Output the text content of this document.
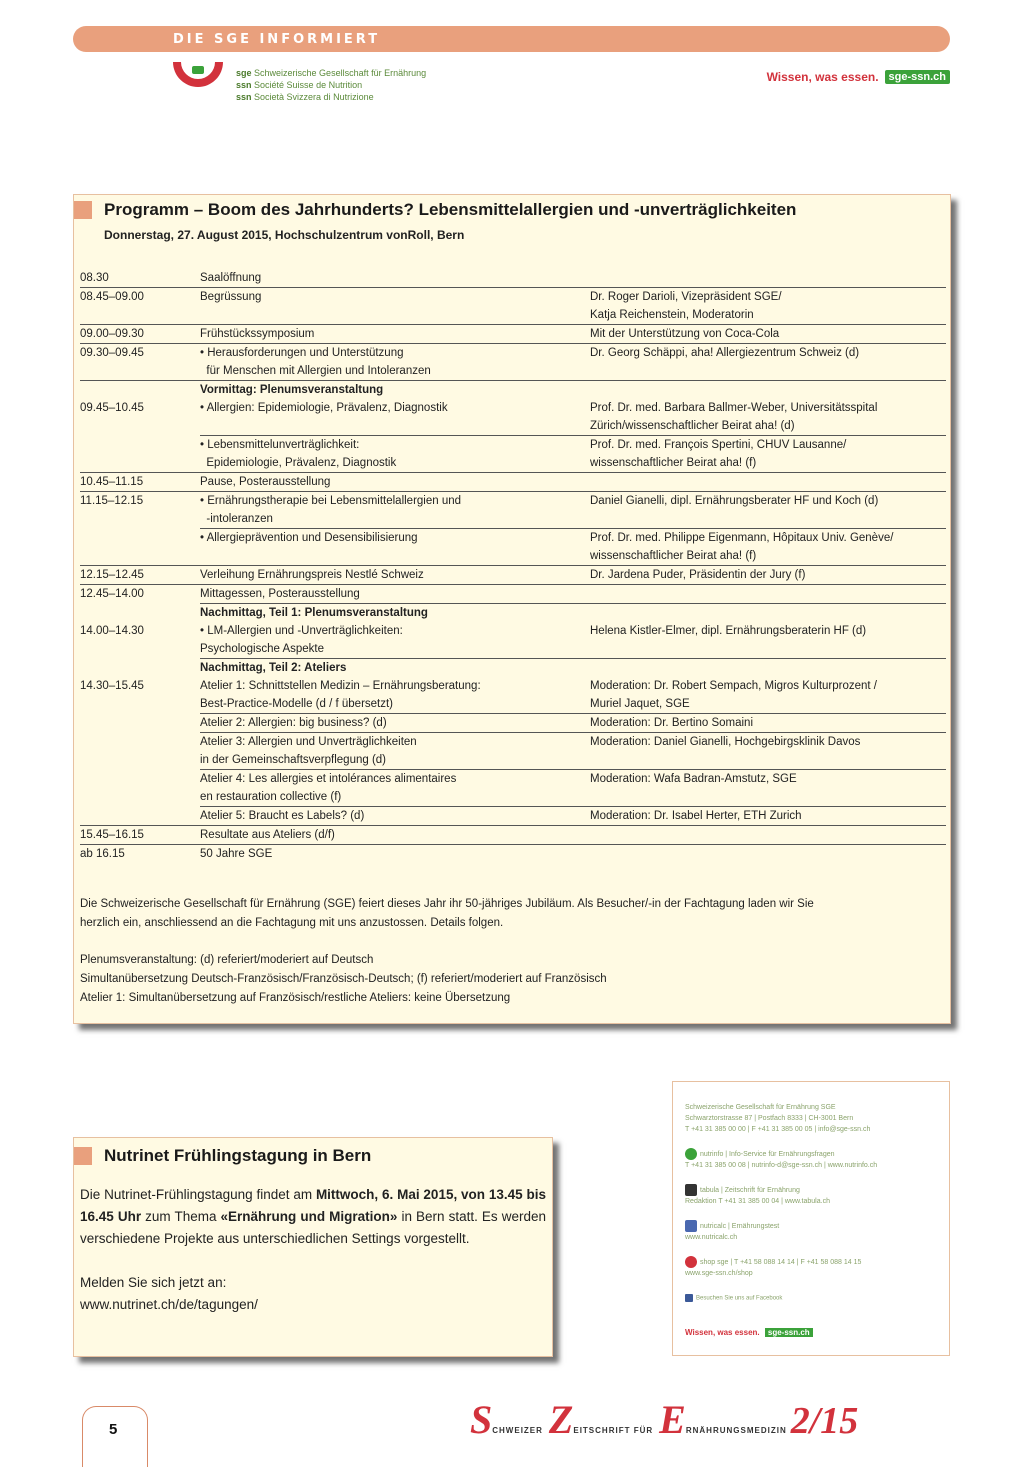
DIE SGE INFORMIERT
sge Schweizerische Gesellschaft für Ernährung
ssn Société Suisse de Nutrition
ssn Società Svizzera di Nutrizione
Wissen, was essen. sge-ssn.ch
Programm – Boom des Jahrhunderts? Lebensmittelallergien und -unverträglichkeiten
Donnerstag, 27. August 2015, Hochschulzentrum vonRoll, Bern
08.30	Saalöffnung	
08.45–09.00	Begrüssung	Dr. Roger Darioli, Vizepräsident SGE/
		Katja Reichenstein, Moderatorin
09.00–09.30	Frühstückssymposium	Mit der Unterstützung von Coca-Cola
09.30–09.45	• Herausforderungen und Unterstützung	Dr. Georg Schäppi, aha! Allergiezentrum Schweiz (d)
	für Menschen mit Allergien und Intoleranzen	
	Vormittag: Plenumsveranstaltung	
09.45–10.45	• Allergien: Epidemiologie, Prävalenz, Diagnostik	Prof. Dr. med. Barbara Ballmer-Weber, Universitätsspital
		Zürich/wissenschaftlicher Beirat aha! (d)
	• Lebensmittelunverträglichkeit:	Prof. Dr. med. François Spertini, CHUV Lausanne/
	Epidemiologie, Prävalenz, Diagnostik	wissenschaftlicher Beirat aha! (f)
10.45–11.15	Pause, Posterausstellung	
11.15–12.15	• Ernährungstherapie bei Lebensmittelallergien und	Daniel Gianelli, dipl. Ernährungsberater HF und Koch (d)
	-intoleranzen	
	• Allergieprävention und Desensibilisierung	Prof. Dr. med. Philippe Eigenmann, Hôpitaux Univ. Genève/
		wissenschaftlicher Beirat aha! (f)
12.15–12.45	Verleihung Ernährungspreis Nestlé Schweiz	Dr. Jardena Puder, Präsidentin der Jury (f)
12.45–14.00	Mittagessen, Posterausstellung	
	Nachmittag, Teil 1: Plenumsveranstaltung	
14.00–14.30	• LM-Allergien und -Unverträglichkeiten:	Helena Kistler-Elmer, dipl. Ernährungsberaterin HF (d)
	Psychologische Aspekte	
	Nachmittag, Teil 2: Ateliers	
14.30–15.45	Atelier 1: Schnittstellen Medizin – Ernährungsberatung:	Moderation: Dr. Robert Sempach, Migros Kulturprozent /
	Best-Practice-Modelle (d / f übersetzt)	Muriel Jaquet, SGE
	Atelier 2: Allergien: big business? (d)	Moderation: Dr. Bertino Somaini
	Atelier 3: Allergien und Unverträglichkeiten	Moderation: Daniel Gianelli, Hochgebirgsklinik Davos
	in der Gemeinschaftsverpflegung (d)	
	Atelier 4: Les allergies et intolérances alimentaires	Moderation: Wafa Badran-Amstutz, SGE
	en restauration collective (f)	
	Atelier 5: Braucht es Labels? (d)	Moderation: Dr. Isabel Herter, ETH Zurich
15.45–16.15	Resultate aus Ateliers (d/f)	
ab 16.15	50 Jahre SGE	
Die Schweizerische Gesellschaft für Ernährung (SGE) feiert dieses Jahr ihr 50-jähriges Jubiläum. Als Besucher/-in der Fachtagung laden wir Sie
herzlich ein, anschliessend an die Fachtagung mit uns anzustossen. Details folgen.
Plenumsveranstaltung: (d) referiert/moderiert auf Deutsch
Simultanübersetzung Deutsch-Französisch/Französisch-Deutsch; (f) referiert/moderiert auf Französisch
Atelier 1: Simultanübersetzung auf Französisch/restliche Ateliers: keine Übersetzung
Nutrinet Frühlingstagung in Bern
Die Nutrinet-Frühlingstagung findet am Mittwoch, 6. Mai 2015, von 13.45 bis 16.45 Uhr zum Thema «Ernährung und Migration» in Bern statt. Es werden verschiedene Projekte aus unterschiedlichen Settings vorgestellt.
Melden Sie sich jetzt an:
www.nutrinet.ch/de/tagungen/
Schweizerische Gesellschaft für Ernährung SGE
Schwarztorstrasse 87 | Postfach 8333 | CH-3001 Bern
T +41 31 385 00 00 | F +41 31 385 00 05 | info@sge-ssn.ch
nutrinfo | Info-Service für Ernährungsfragen
T +41 31 385 00 08 | nutrinfo-d@sge-ssn.ch | www.nutrinfo.ch
tabula | Zeitschrift für Ernährung
Redaktion T +41 31 385 00 04 | www.tabula.ch
nutricalc | Ernährungstest
www.nutricalc.ch
shop sge | T +41 58 088 14 14 | F +41 58 088 14 15
www.sge-ssn.ch/shop
Besuchen Sie uns auf Facebook
Wissen, was essen. sge-ssn.ch
5	S CHWEIZER Z EITSCHRIFT FÜR E RNÄHRUNGSMEDIZIN 2/15
